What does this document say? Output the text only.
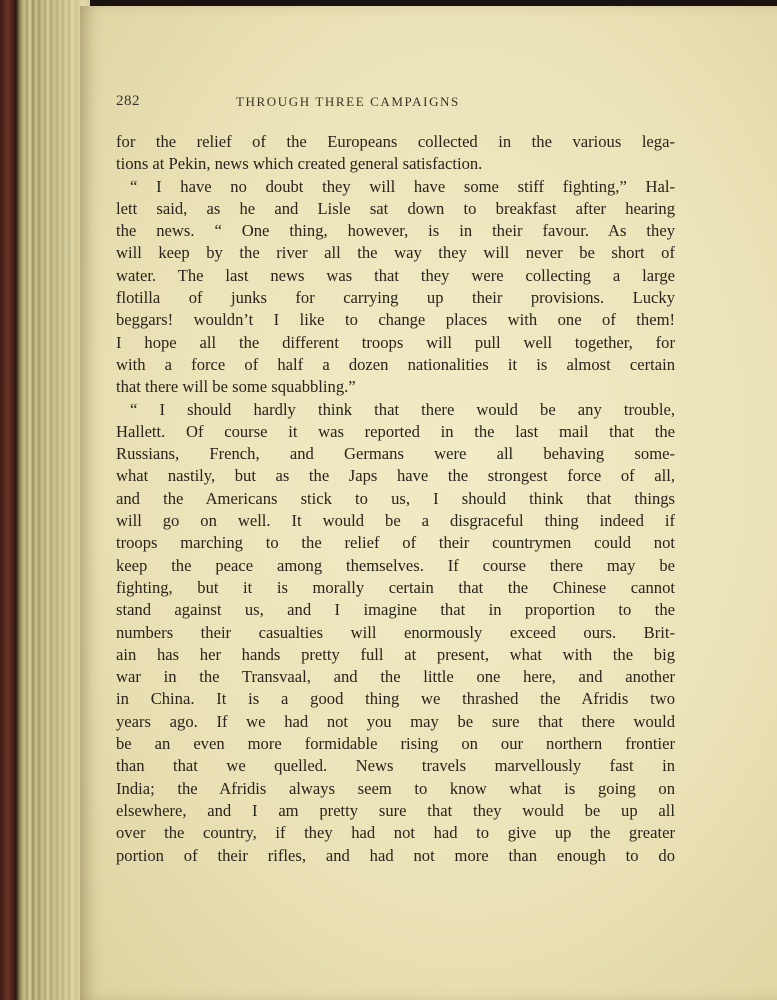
282	THROUGH THREE CAMPAIGNS
for the relief of the Europeans collected in the various lega-
tions at Pekin, news which created general satisfaction.
“ I have no doubt they will have some stiff fighting,” Hal-
lett said, as he and Lisle sat down to breakfast after hearing
the news. “ One thing, however, is in their favour. As they
will keep by the river all the way they will never be short of
water. The last news was that they were collecting a large
flotilla of junks for carrying up their provisions. Lucky
beggars! wouldn’t I like to change places with one of them!
I hope all the different troops will pull well together, for
with a force of half a dozen nationalities it is almost certain
that there will be some squabbling.”
“ I should hardly think that there would be any trouble,
Hallett. Of course it was reported in the last mail that the
Russians, French, and Germans were all behaving some-
what nastily, but as the Japs have the strongest force of all,
and the Americans stick to us, I should think that things
will go on well. It would be a disgraceful thing indeed if
troops marching to the relief of their countrymen could not
keep the peace among themselves. If course there may be
fighting, but it is morally certain that the Chinese cannot
stand against us, and I imagine that in proportion to the
numbers their casualties will enormously exceed ours. Brit-
ain has her hands pretty full at present, what with the big
war in the Transvaal, and the little one here, and another
in China. It is a good thing we thrashed the Afridis two
years ago. If we had not you may be sure that there would
be an even more formidable rising on our northern frontier
than that we quelled. News travels marvellously fast in
India; the Afridis always seem to know what is going on
elsewhere, and I am pretty sure that they would be up all
over the country, if they had not had to give up the greater
portion of their rifles, and had not more than enough to do
